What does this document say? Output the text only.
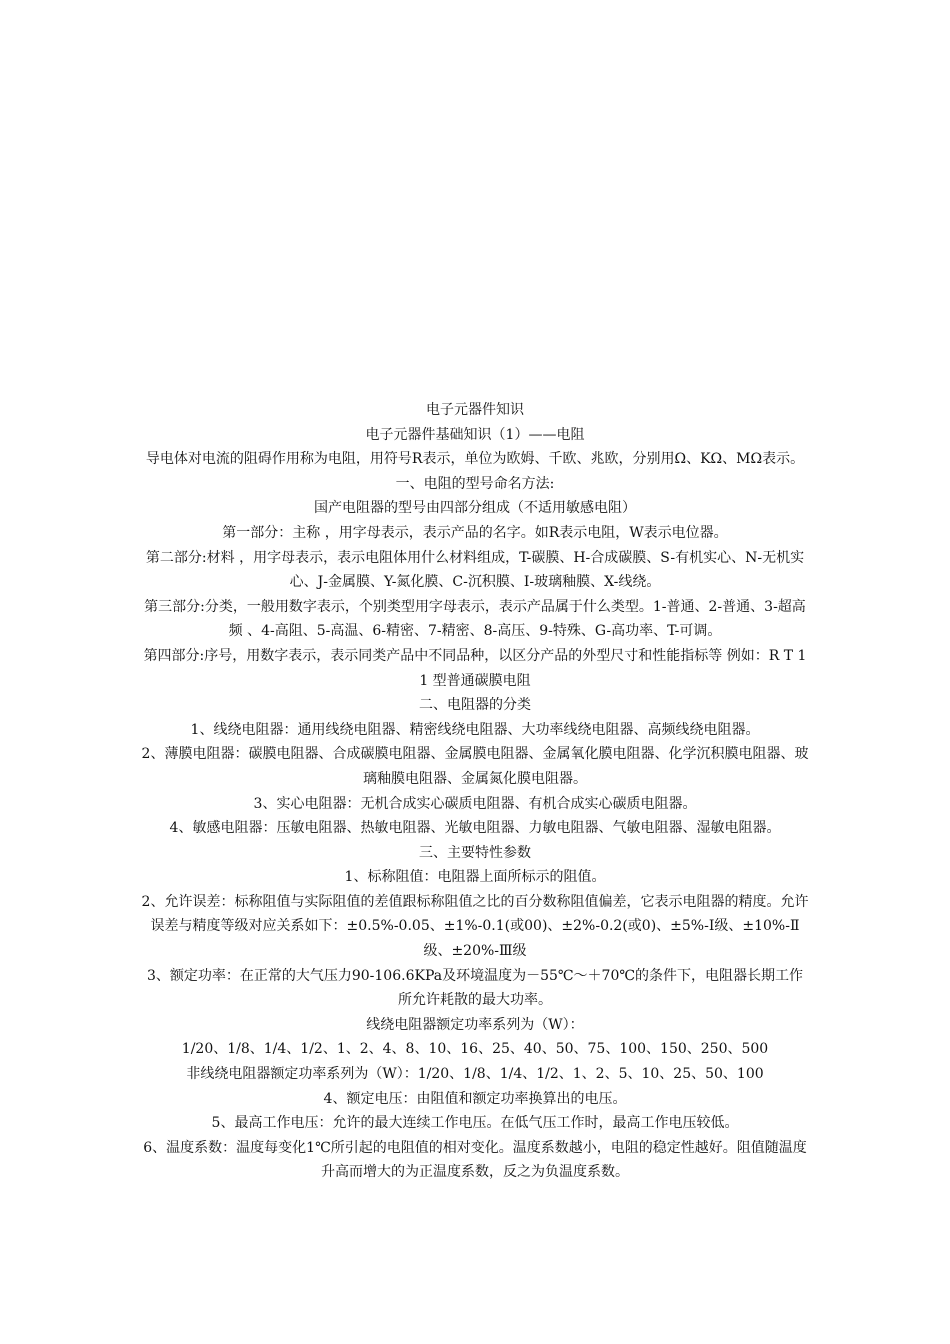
电子元器件知识

电子元器件基础知识（1）——电阻

导电体对电流的阻碍作用称为电阻，用符号R表示，单位为欧姆、千欧、兆欧，分别用Ω、KΩ、MΩ表示。一、电阻的型号命名方法:

国产电阻器的型号由四部分组成（不适用敏感电阻）

第一部分：主称 ，用字母表示，表示产品的名字。如R表示电阻，W表示电位器。

第二部分:材料 ，用字母表示，表示电阻体用什么材料组成，T-碳膜、H-合成碳膜、S-有机实心、N-无机实心、J-金属膜、Y-氮化膜、C-沉积膜、I-玻璃釉膜、X-线绕。

第三部分:分类，一般用数字表示，个别类型用字母表示，表示产品属于什么类型。1-普通、2-普通、3-超高频 、4-高阻、5-高温、6-精密、7-精密、8-高压、9-特殊、G-高功率、T-可调。

第四部分:序号，用数字表示，表示同类产品中不同品种，以区分产品的外型尺寸和性能指标等 例如：R T 1 1 型普通碳膜电阻

二、电阻器的分类

1、线绕电阻器：通用线绕电阻器、精密线绕电阻器、大功率线绕电阻器、高频线绕电阻器。

2、薄膜电阻器：碳膜电阻器、合成碳膜电阻器、金属膜电阻器、金属氧化膜电阻器、化学沉积膜电阻器、玻璃釉膜电阻器、金属氮化膜电阻器。

3、实心电阻器：无机合成实心碳质电阻器、有机合成实心碳质电阻器。

4、敏感电阻器：压敏电阻器、热敏电阻器、光敏电阻器、力敏电阻器、气敏电阻器、湿敏电阻器。

三、主要特性参数

1、标称阻值：电阻器上面所标示的阻值。

2、允许误差：标称阻值与实际阻值的差值跟标称阻值之比的百分数称阻值偏差，它表示电阻器的精度。允许误差与精度等级对应关系如下：±0.5%-0.05、±1%-0.1(或00)、±2%-0.2(或0)、±5%-Ⅰ级、±10%-Ⅱ级、±20%-Ⅲ级

3、额定功率：在正常的大气压力90-106.6KPa及环境温度为－55℃～＋70℃的条件下，电阻器长期工作所允许耗散的最大功率。

线绕电阻器额定功率系列为（W）：

1/20、1/8、1/4、1/2、1、2、4、8、10、16、25、40、50、75、100、150、250、500

非线绕电阻器额定功率系列为（W）：1/20、1/8、1/4、1/2、1、2、5、10、25、50、100

4、额定电压：由阻值和额定功率换算出的电压。

5、最高工作电压：允许的最大连续工作电压。在低气压工作时，最高工作电压较低。

6、温度系数：温度每变化1℃所引起的电阻值的相对变化。温度系数越小，电阻的稳定性越好。阻值随温度升高而增大的为正温度系数，反之为负温度系数。
